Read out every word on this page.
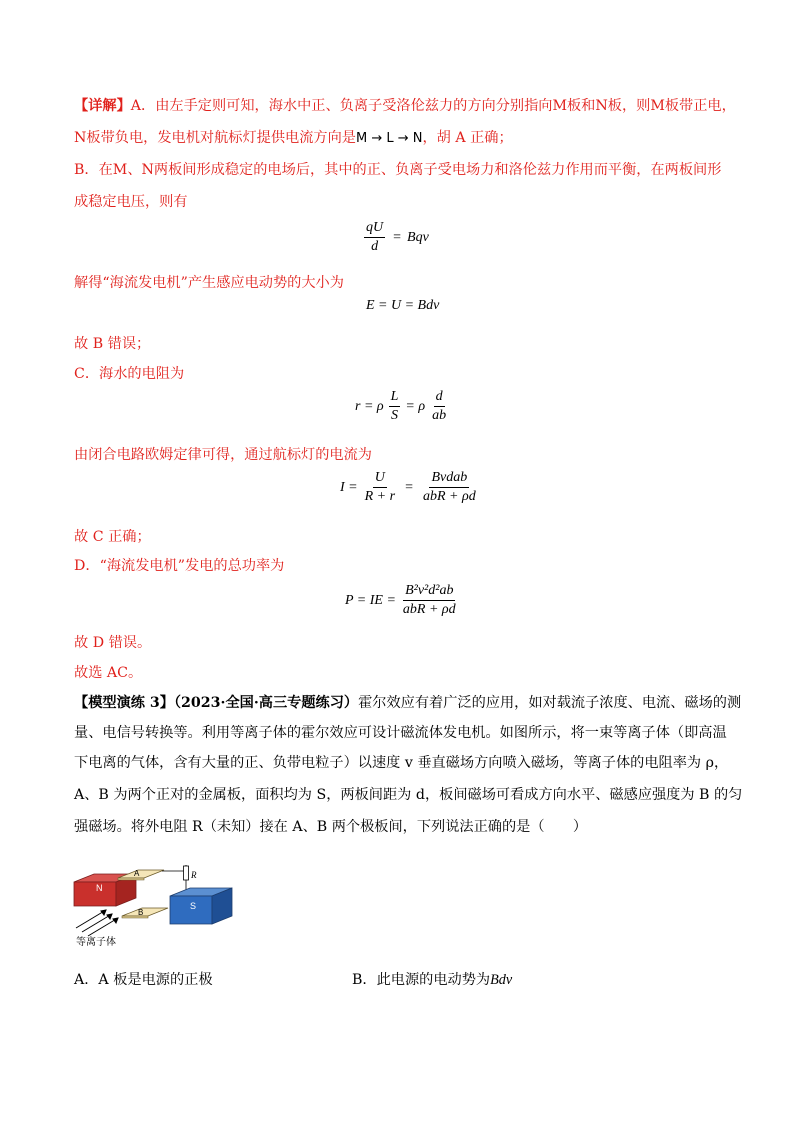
【详解】A．由左手定则可知，海水中正、负离子受洛伦兹力的方向分别指向M板和N板，则M板带正电，
N板带负电，发电机对航标灯提供电流方向是M → L → N，胡 A 正确；
B．在M、N两板间形成稳定的电场后，其中的正、负离子受电场力和洛伦兹力作用而平衡，在两板间形
成稳定电压，则有
$\frac{qU}{d}$ = Bqv
解得“海流发电机”产生感应电动势的大小为
E = U = Bdv
故 B 错误；
C．海水的电阻为
r = ρ $\frac{L}{S} = \rho \frac{d}{ab}$
由闭合电路欧姆定律可得，通过航标灯的电流为
$I = \frac{U}{R + r} = \frac{\text{Bvdab}}{\text{abR + ρd}}$
故 C 正确；
D．“海流发电机”发电的总功率为
P = IE = $\frac{\text{B²v²d²ab}}{\text{abR + ρd}}$
故 D 错误。
故选 AC。
【模型演练 3】（2023·全国·高三专题练习）霍尔效应有着广泛的应用，如对载流子浓度、电流、磁场的测
量、电信号转换等。利用等离子体的霍尔效应可设计磁流体发电机。如图所示，将一束等离子体（即高温
下电离的气体，含有大量的正、负带电粒子）以速度 v 垂直磁场方向喷入磁场，等离子体的电阻率为 ρ，
A、B 为两个正对的金属板，面积均为 S，两板间距为 d，板间磁场可看成方向水平、磁感应强度为 B 的匀
强磁场。将外电阻 R（未知）接在 A、B 两个极板间，下列说法正确的是（　　）
N
A
B
R
S
等离子体
A．A 板是电源的正极	B．此电源的电动势为Bdv
